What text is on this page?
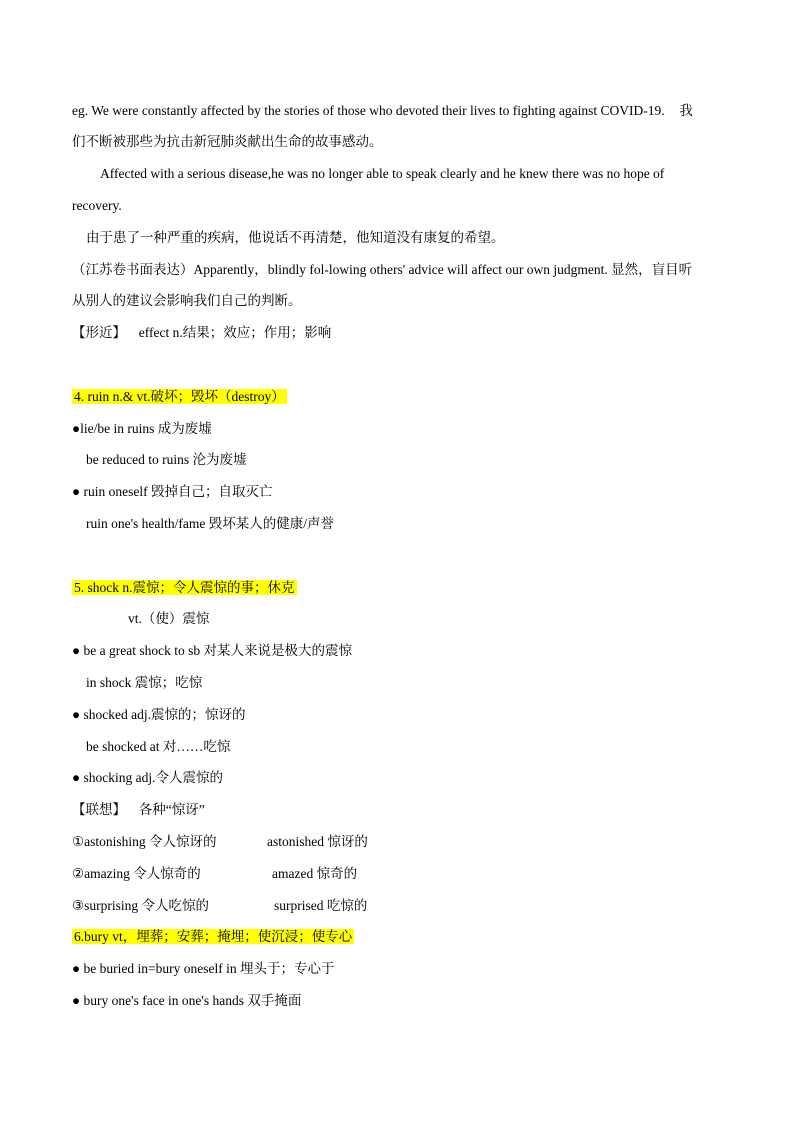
eg. We were constantly affected by the stories of those who devoted their lives to fighting against COVID-19. 我
们不断被那些为抗击新冠肺炎献出生命的故事感动。
Affected with a serious disease,he was no longer able to speak clearly and he knew there was no hope of
recovery.
由于患了一种严重的疾病，他说话不再清楚，他知道没有康复的希望。
（江苏卷书面表达）Apparently，blindly fol-lowing others' advice will affect our own judgment. 显然，盲目听
从别人的建议会影响我们自己的判断。
【形近】 effect n.结果；效应；作用；影响
4. ruin n.& vt.破坏；毁坏（destroy）
●lie/be in ruins 成为废墟
be reduced to ruins 沦为废墟
● ruin oneself 毁掉自己；自取灭亡
ruin one's health/fame 毁坏某人的健康/声誉
5. shock n.震惊；令人震惊的事；休克
vt.（使）震惊
● be a great shock to sb 对某人来说是极大的震惊
in shock 震惊；吃惊
● shocked adj.震惊的；惊讶的
be shocked at 对……吃惊
● shocking adj.令人震惊的
【联想】 各种“惊讶”
①astonishing 令人惊讶的	astonished 惊讶的
②amazing 令人惊奇的	amazed 惊奇的
③surprising 令人吃惊的	surprised 吃惊的
6.bury vt，埋葬；安葬；掩埋；使沉浸；使专心
● be buried in=bury oneself in 埋头于；专心于
● bury one's face in one's hands 双手掩面
